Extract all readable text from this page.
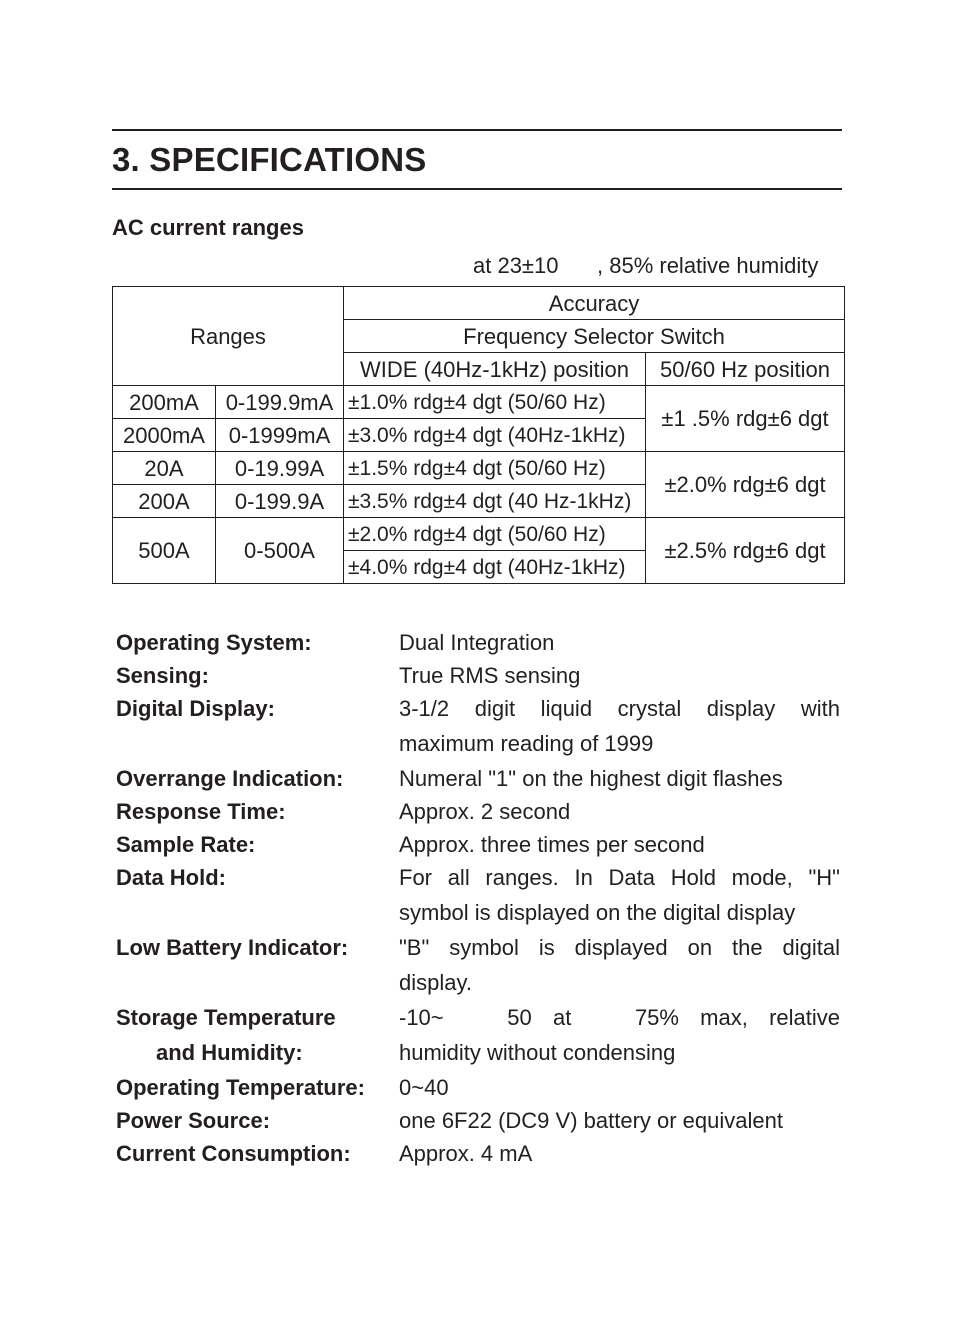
3. SPECIFICATIONS
AC current ranges
at 23±10 , 85% relative humidity
Ranges		Accuracy	
		Frequency Selector Switch	
		WIDE (40Hz-1kHz) position	50/60 Hz position
200mA	0-199.9mA	±1.0% rdg±4 dgt (50/60 Hz)	±1 .5% rdg±6 dgt
2000mA	0-1999mA	±3.0% rdg±4 dgt (40Hz-1kHz)	
20A	0-19.99A	±1.5% rdg±4 dgt (50/60 Hz)	±2.0% rdg±6 dgt
200A	0-199.9A	±3.5% rdg±4 dgt (40 Hz-1kHz)	
500A	0-500A	±2.0% rdg±4 dgt (50/60 Hz)	±2.5% rdg±6 dgt
		±4.0% rdg±4 dgt (40Hz-1kHz)	
Operating System:	Dual Integration
Sensing:	True RMS sensing
Digital Display:	3-1/2 digit liquid crystal display with
maximum reading of 1999
Overrange Indication:	Numeral "1" on the highest digit flashes
Response Time:	Approx. 2 second
Sample Rate:	Approx. three times per second
Data Hold:	For all ranges. In Data Hold mode, "H"
symbol is displayed on the digital display
Low Battery Indicator:	"B" symbol is displayed on the digital
display.
Storage Temperature	-10~   50 at   75% max, relative
and Humidity:	humidity without condensing
Operating Temperature:	0~40
Power Source:	one 6F22 (DC9 V) battery or equivalent
Current Consumption:	Approx. 4 mA
